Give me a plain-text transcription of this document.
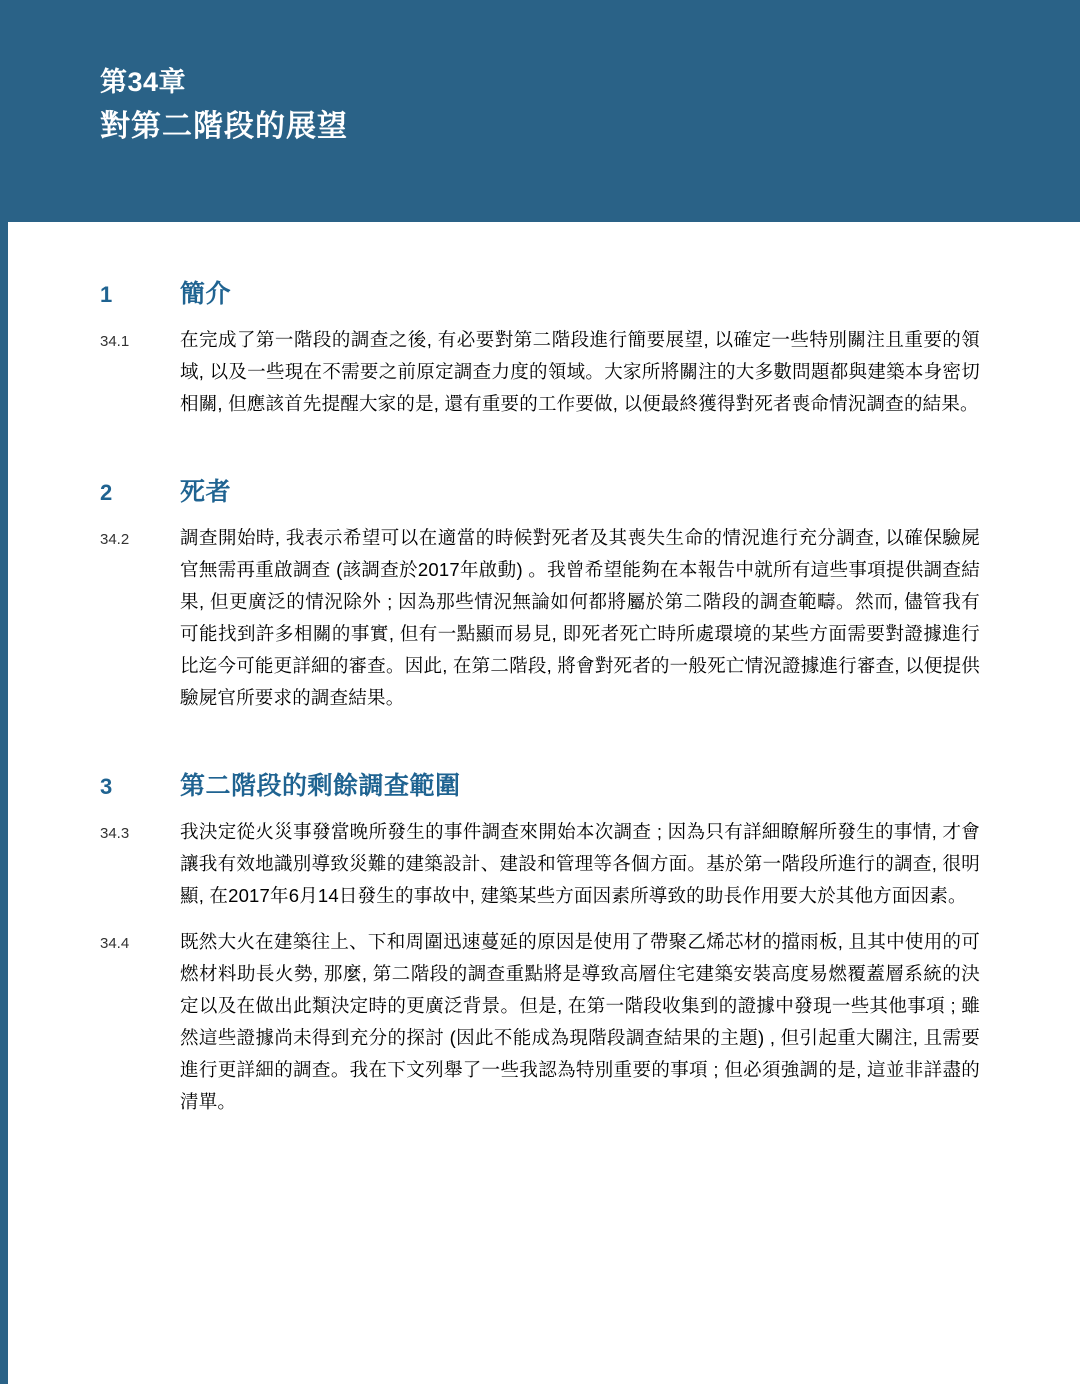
第34章
對第二階段的展望
1	簡介
34.1	在完成了第一階段的調查之後, 有必要對第二階段進行簡要展望, 以確定一些特別關注且重要的領域, 以及一些現在不需要之前原定調查力度的領域。大家所將關注的大多數問題都與建築本身密切相關, 但應該首先提醒大家的是, 還有重要的工作要做, 以便最終獲得對死者喪命情況調查的結果。
2	死者
34.2	調查開始時, 我表示希望可以在適當的時候對死者及其喪失生命的情況進行充分調查, 以確保驗屍官無需再重啟調查 (該調查於2017年啟動) 。我曾希望能夠在本報告中就所有這些事項提供調查結果, 但更廣泛的情況除外 ; 因為那些情況無論如何都將屬於第二階段的調查範疇。然而, 儘管我有可能找到許多相關的事實, 但有一點顯而易見, 即死者死亡時所處環境的某些方面需要對證據進行比迄今可能更詳細的審查。因此, 在第二階段, 將會對死者的一般死亡情況證據進行審查, 以便提供驗屍官所要求的調查結果。
3	第二階段的剩餘調查範圍
34.3	我決定從火災事發當晚所發生的事件調查來開始本次調查 ; 因為只有詳細瞭解所發生的事情, 才會讓我有效地識別導致災難的建築設計、建設和管理等各個方面。基於第一階段所進行的調查, 很明顯, 在2017年6月14日發生的事故中, 建築某些方面因素所導致的助長作用要大於其他方面因素。
34.4	既然大火在建築往上、下和周圍迅速蔓延的原因是使用了帶聚乙烯芯材的擋雨板, 且其中使用的可燃材料助長火勢, 那麼, 第二階段的調查重點將是導致高層住宅建築安裝高度易燃覆蓋層系統的決定以及在做出此類決定時的更廣泛背景。但是, 在第一階段收集到的證據中發現一些其他事項 ; 雖然這些證據尚未得到充分的探討 (因此不能成為現階段調查結果的主題) , 但引起重大關注, 且需要進行更詳細的調查。我在下文列舉了一些我認為特別重要的事項 ; 但必須強調的是, 這並非詳盡的清單。
